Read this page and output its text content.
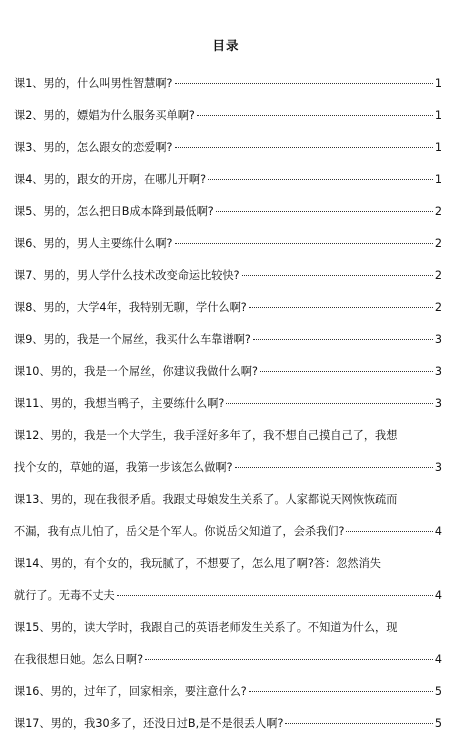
目录
课1、男的，什么叫男性智慧啊?	1
课2、男的，嫖娼为什么服务买单啊?	1
课3、男的，怎么跟女的恋爱啊?	1
课4、男的，跟女的开房，在哪儿开啊?	1
课5、男的，怎么把日B成本降到最低啊?	2
课6、男的，男人主要练什么啊?	2
课7、男的，男人学什么技术改变命运比较快?	2
课8、男的，大学4年，我特别无聊，学什么啊?	2
课9、男的，我是一个屌丝，我买什么车靠谱啊?	3
课10、男的，我是一个屌丝，你建议我做什么啊?	3
课11、男的，我想当鸭子，主要练什么啊?	3
课12、男的，我是一个大学生，我手淫好多年了，我不想自己摸自己了，我想
找个女的，草她的逼，我第一步该怎么做啊?	3
课13、男的，现在我很矛盾。我跟丈母娘发生关系了。人家都说天网恢恢疏而
不漏，我有点儿怕了，岳父是个军人。你说岳父知道了，会杀我们?	4
课14、男的，有个女的，我玩腻了，不想要了，怎么甩了啊?答：忽然消失
就行了。无毒不丈夫	4
课15、男的，读大学时，我跟自己的英语老师发生关系了。不知道为什么，现
在我很想日她。怎么日啊?	4
课16、男的，过年了，回家相亲，要注意什么?	5
课17、男的，我30多了，还没日过B,是不是很丢人啊?	5
